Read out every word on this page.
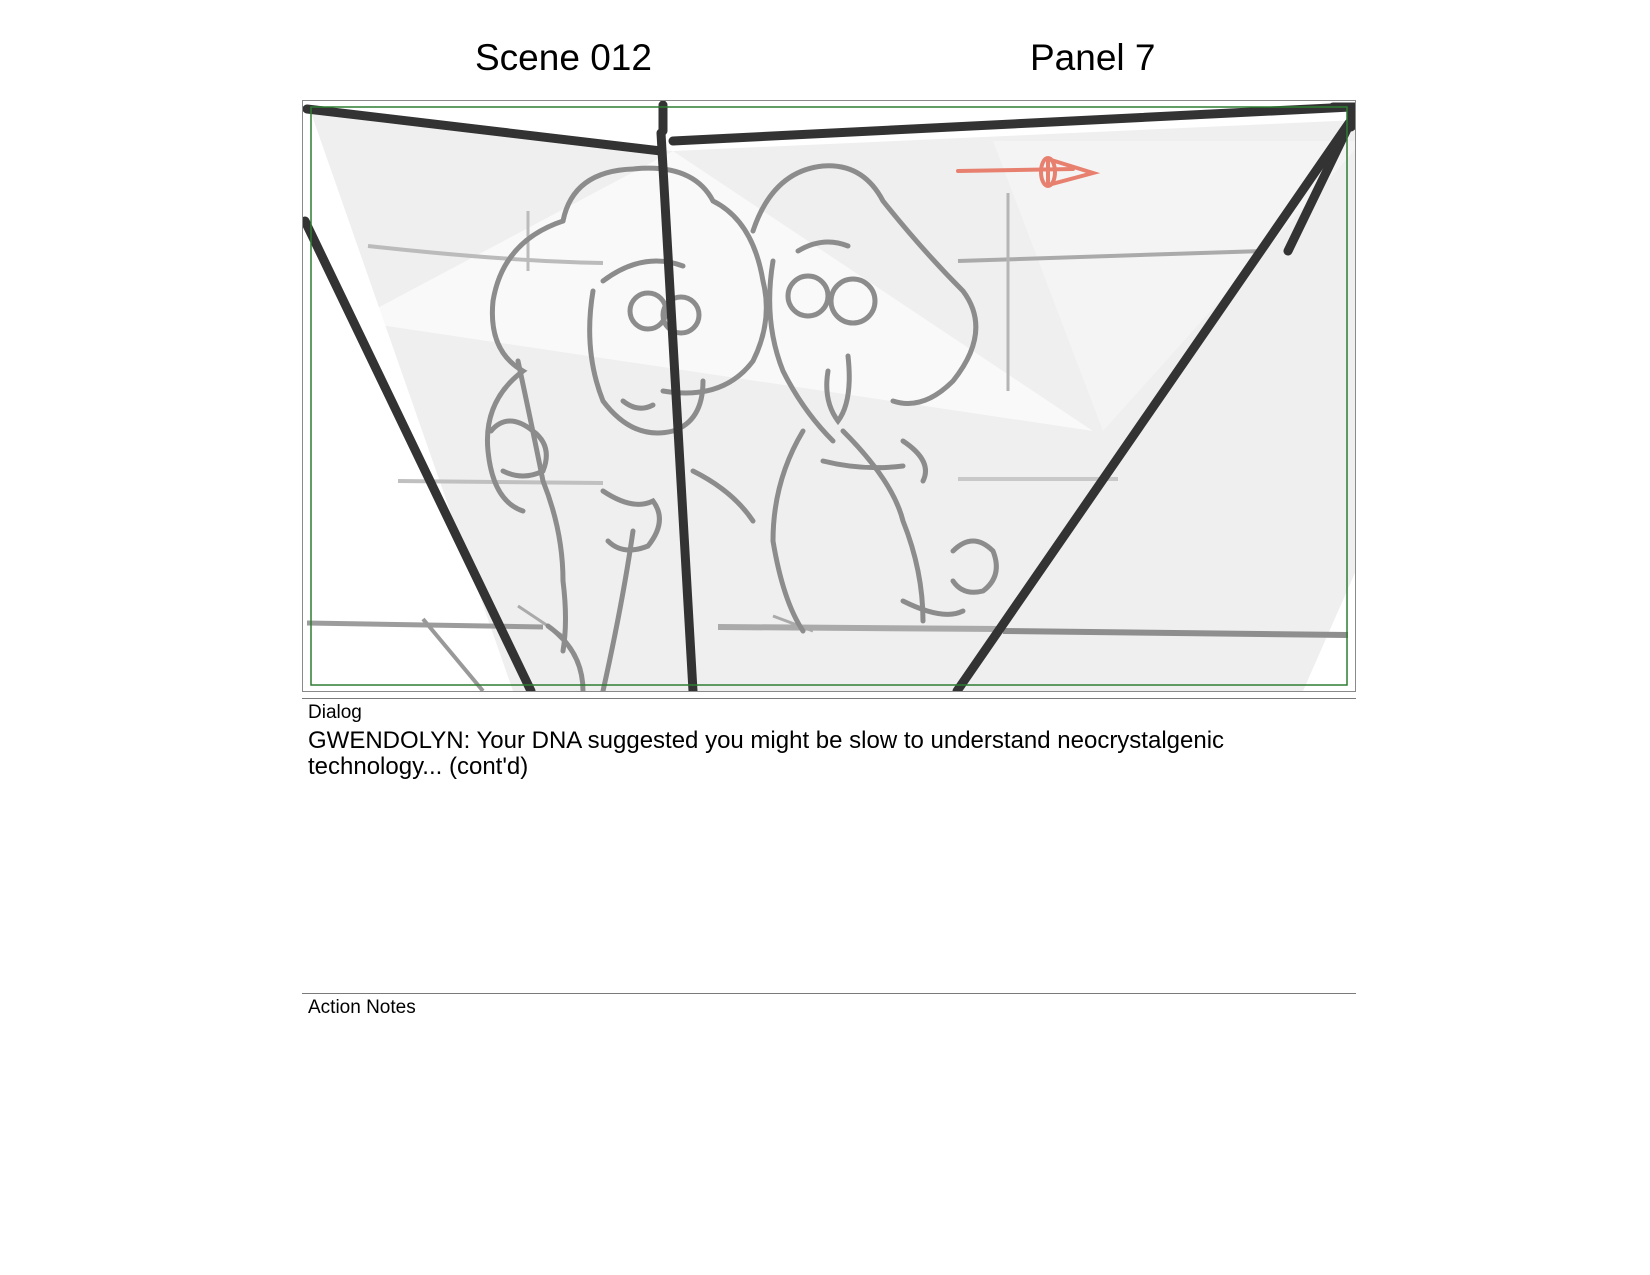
Scene 012	Panel 7
Dialog

GWENDOLYN: Your DNA suggested you might be slow to understand neocrystalgenic technology... (cont'd)

Action Notes
